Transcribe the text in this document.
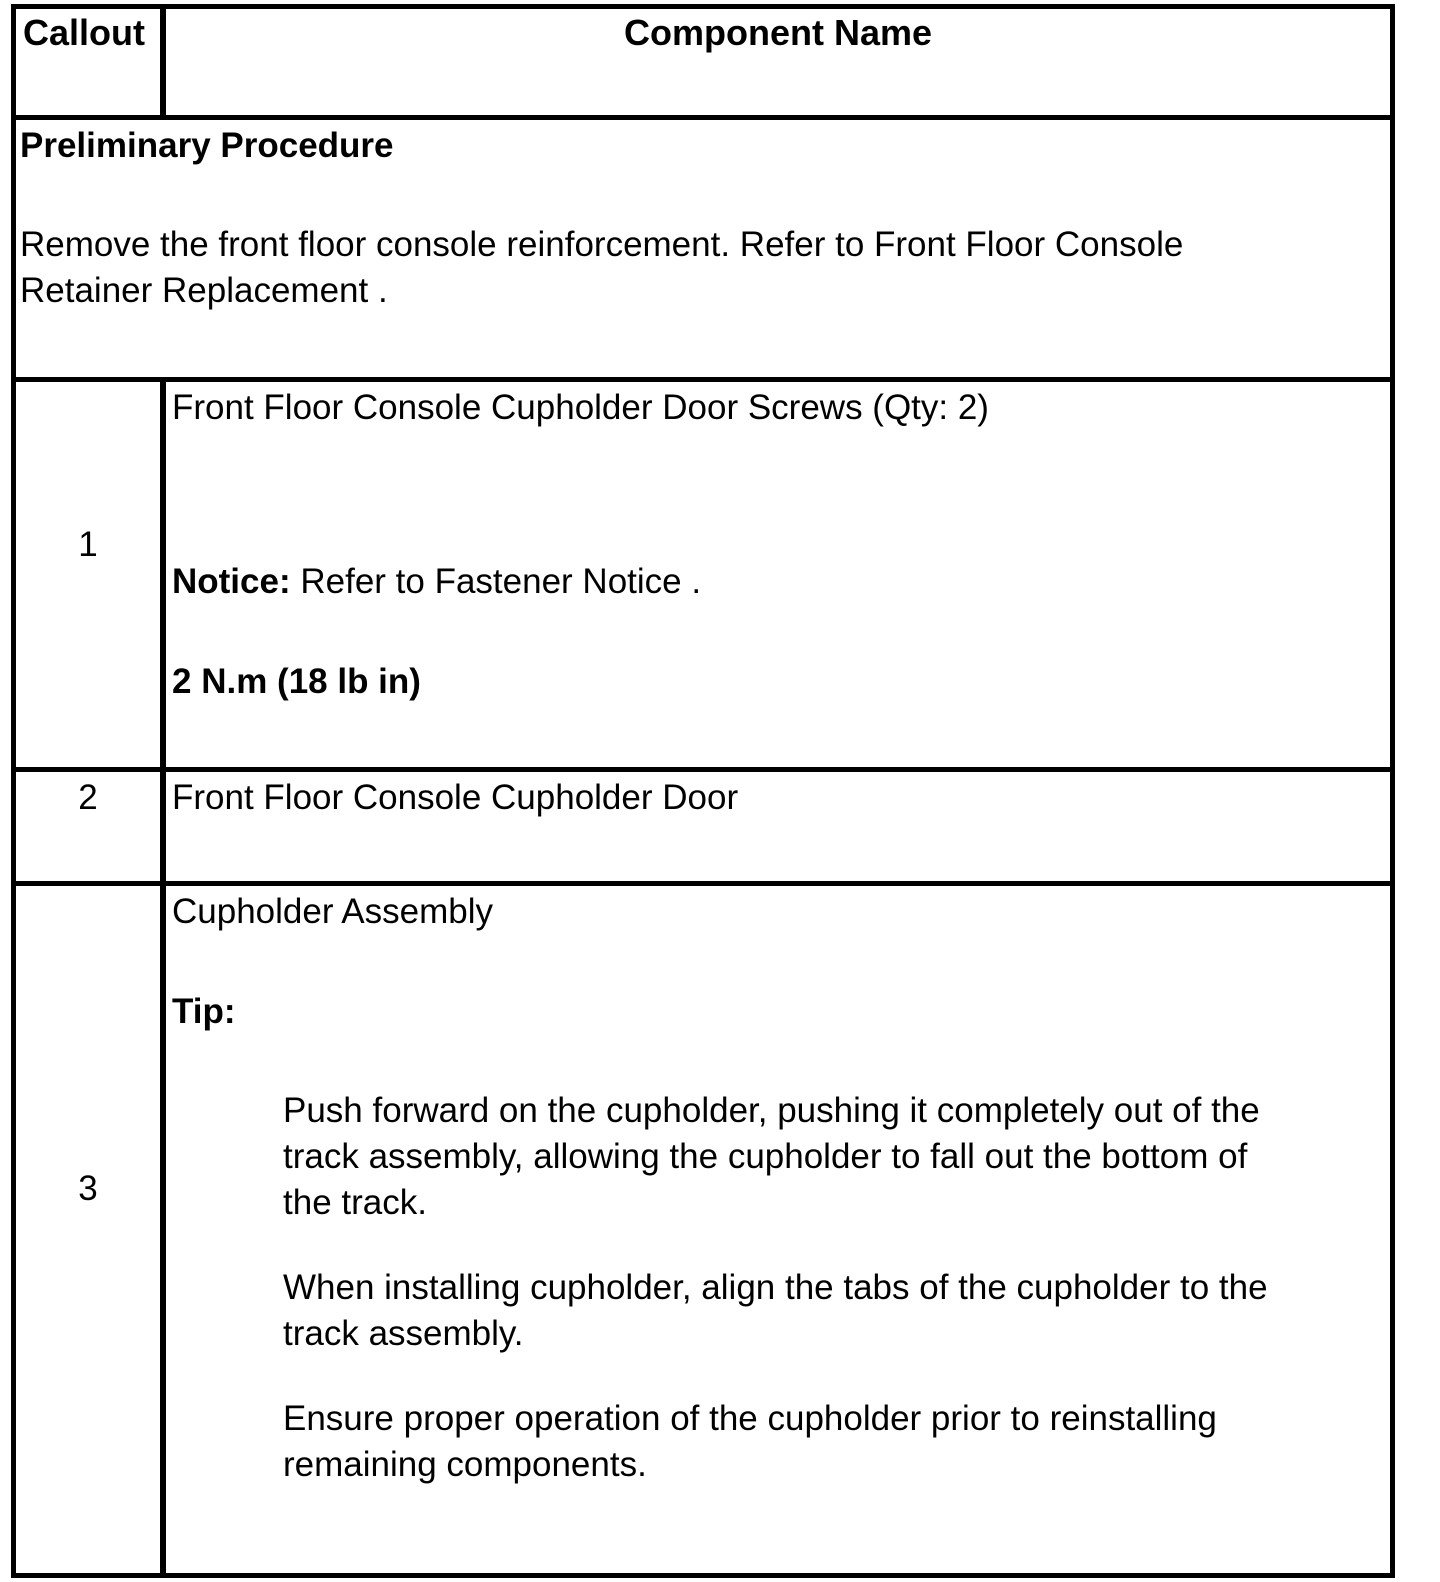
Callout	Component Name
Preliminary Procedure
Remove the front floor console reinforcement. Refer to Front Floor Console
Retainer Replacement .
1
Front Floor Console Cupholder Door Screws (Qty: 2)
Notice: Refer to Fastener Notice .
2 N.m (18 lb in)
2	Front Floor Console Cupholder Door
3
Cupholder Assembly
Tip:
Push forward on the cupholder, pushing it completely out of the
track assembly, allowing the cupholder to fall out the bottom of
the track.
When installing cupholder, align the tabs of the cupholder to the
track assembly.
Ensure proper operation of the cupholder prior to reinstalling
remaining components.
